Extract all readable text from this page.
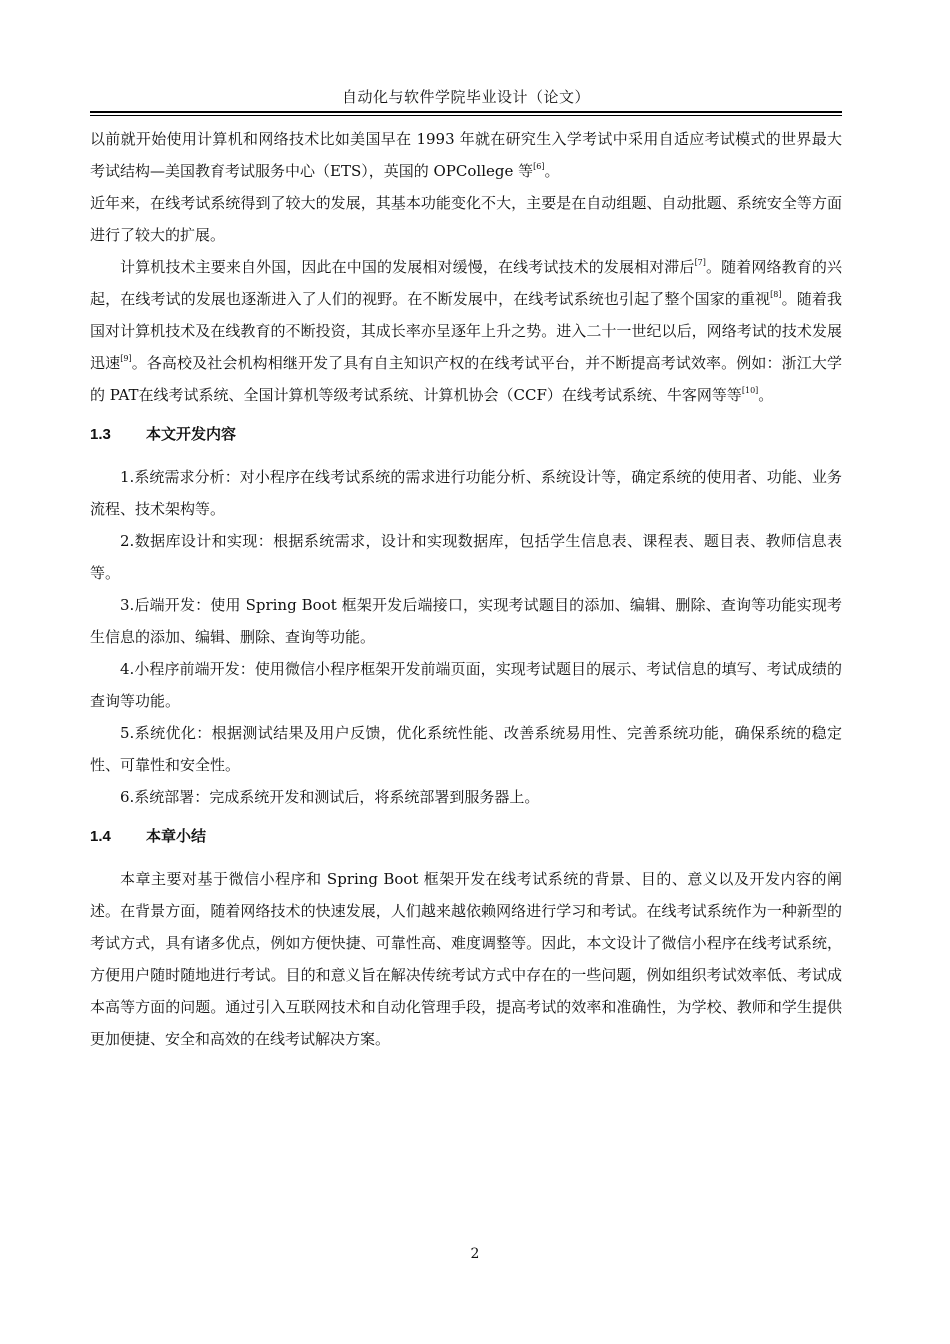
自动化与软件学院毕业设计（论文）

以前就开始使用计算机和网络技术比如美国早在 1993 年就在研究生入学考试中采用自适应考试模式的世界最大考试结构—美国教育考试服务中心（ETS），英国的 OPCollege 等[6]。

近年来，在线考试系统得到了较大的发展，其基本功能变化不大，主要是在自动组题、自动批题、系统安全等方面进行了较大的扩展。

计算机技术主要来自外国，因此在中国的发展相对缓慢，在线考试技术的发展相对滞后[7]。随着网络教育的兴起，在线考试的发展也逐渐进入了人们的视野。在不断发展中，在线考试系统也引起了整个国家的重视[8]。随着我国对计算机技术及在线教育的不断投资，其成长率亦呈逐年上升之势。进入二十一世纪以后，网络考试的技术发展迅速[9]。各高校及社会机构相继开发了具有自主知识产权的在线考试平台，并不断提高考试效率。例如：浙江大学的 PAT在线考试系统、全国计算机等级考试系统、计算机协会（CCF）在线考试系统、牛客网等等[10]。

1.3 本文开发内容

1.系统需求分析：对小程序在线考试系统的需求进行功能分析、系统设计等，确定系统的使用者、功能、业务流程、技术架构等。

2.数据库设计和实现：根据系统需求，设计和实现数据库，包括学生信息表、课程表、题目表、教师信息表等。

3.后端开发：使用 Spring Boot 框架开发后端接口，实现考试题目的添加、编辑、删除、查询等功能实现考生信息的添加、编辑、删除、查询等功能。

4.小程序前端开发：使用微信小程序框架开发前端页面，实现考试题目的展示、考试信息的填写、考试成绩的查询等功能。

5.系统优化：根据测试结果及用户反馈，优化系统性能、改善系统易用性、完善系统功能，确保系统的稳定性、可靠性和安全性。

6.系统部署：完成系统开发和测试后，将系统部署到服务器上。

1.4 本章小结

本章主要对基于微信小程序和 Spring Boot 框架开发在线考试系统的背景、目的、意义以及开发内容的阐述。在背景方面，随着网络技术的快速发展，人们越来越依赖网络进行学习和考试。在线考试系统作为一种新型的考试方式，具有诸多优点，例如方便快捷、可靠性高、难度调整等。因此，本文设计了微信小程序在线考试系统，方便用户随时随地进行考试。目的和意义旨在解决传统考试方式中存在的一些问题，例如组织考试效率低、考试成本高等方面的问题。通过引入互联网技术和自动化管理手段，提高考试的效率和准确性，为学校、教师和学生提供更加便捷、安全和高效的在线考试解决方案。

2
